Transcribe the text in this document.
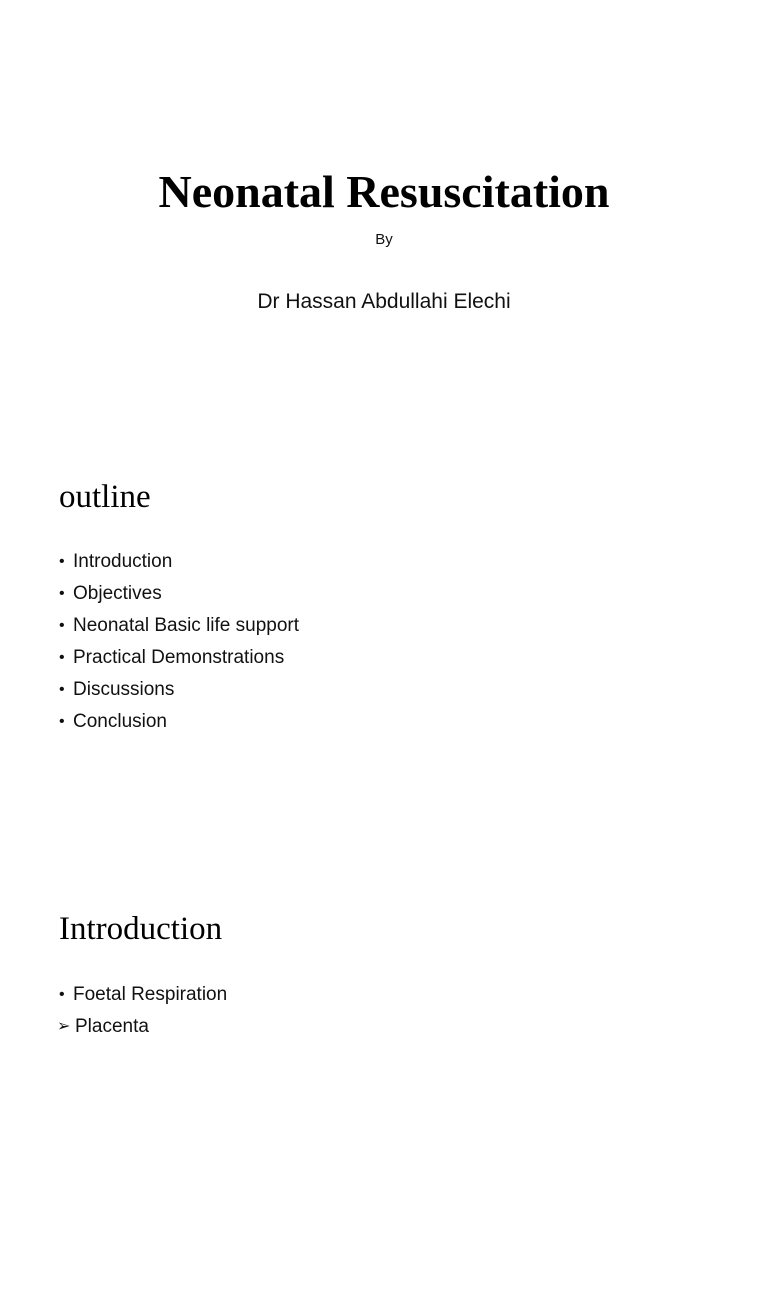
Neonatal Resuscitation
By
Dr Hassan Abdullahi Elechi
outline
• Introduction
• Objectives
• Neonatal Basic life support
• Practical Demonstrations
• Discussions
• Conclusion
Introduction
• Foetal Respiration
➢ Placenta
